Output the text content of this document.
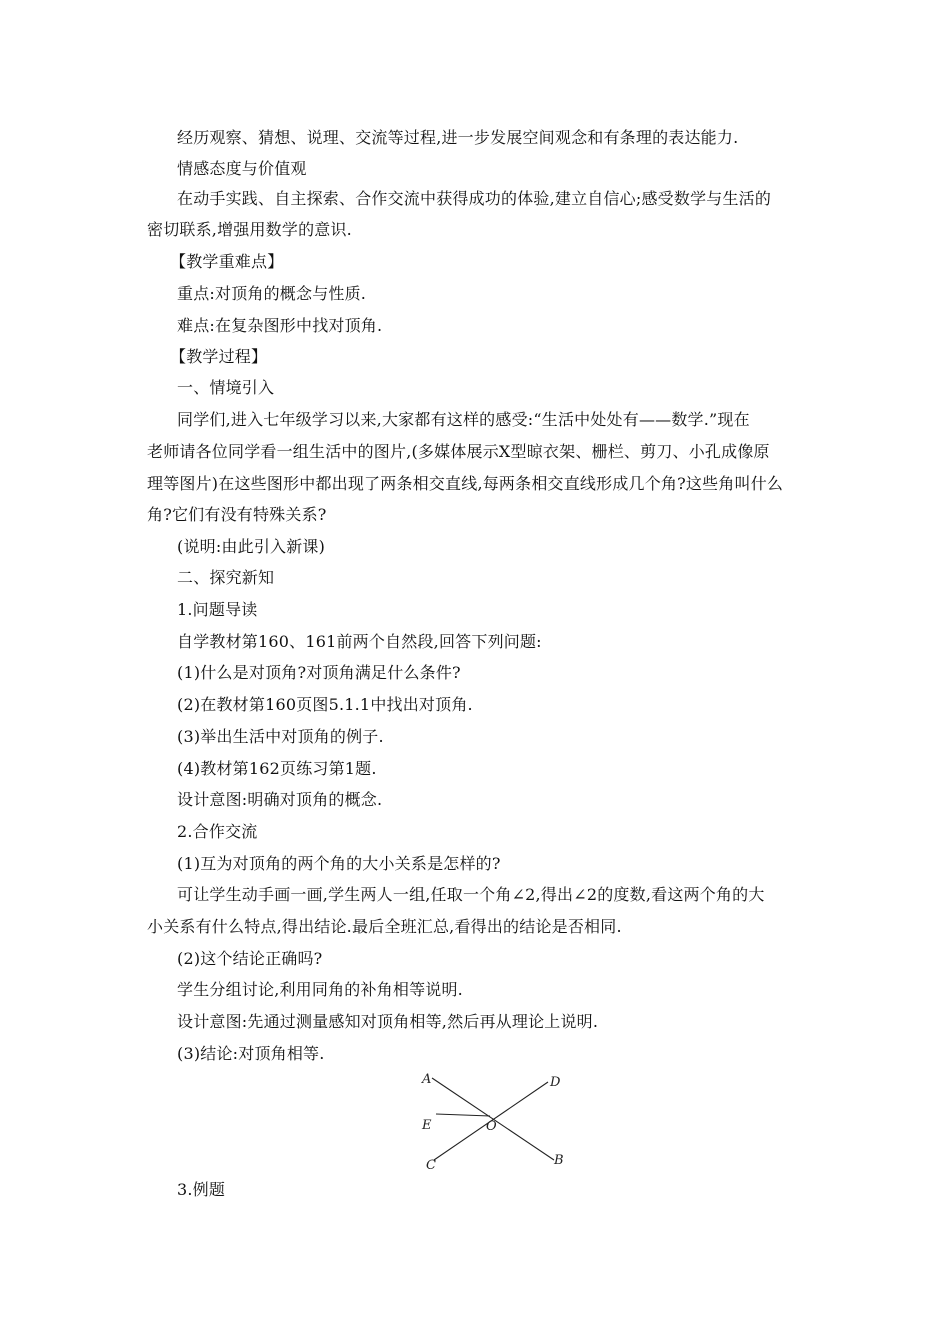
经历观察、猜想、说理、交流等过程,进一步发展空间观念和有条理的表达能力.
情感态度与价值观
在动手实践、自主探索、合作交流中获得成功的体验,建立自信心;感受数学与生活的
密切联系,增强用数学的意识.
【教学重难点】
重点:对顶角的概念与性质.
难点:在复杂图形中找对顶角.
【教学过程】
一、情境引入
同学们,进入七年级学习以来,大家都有这样的感受:“生活中处处有——数学.”现在
老师请各位同学看一组生活中的图片,(多媒体展示X型晾衣架、栅栏、剪刀、小孔成像原
理等图片)在这些图形中都出现了两条相交直线,每两条相交直线形成几个角?这些角叫什么
角?它们有没有特殊关系?
(说明:由此引入新课)
二、探究新知
1.问题导读
自学教材第160、161前两个自然段,回答下列问题:
(1)什么是对顶角?对顶角满足什么条件?
(2)在教材第160页图5.1.1中找出对顶角.
(3)举出生活中对顶角的例子.
(4)教材第162页练习第1题.
设计意图:明确对顶角的概念.
2.合作交流
(1)互为对顶角的两个角的大小关系是怎样的?
可让学生动手画一画,学生两人一组,任取一个角∠2,得出∠2的度数,看这两个角的大
小关系有什么特点,得出结论.最后全班汇总,看得出的结论是否相同.
(2)这个结论正确吗?
学生分组讨论,利用同角的补角相等说明.
设计意图:先通过测量感知对顶角相等,然后再从理论上说明.
(3)结论:对顶角相等.
A	D
E	O
C	B
3.例题
